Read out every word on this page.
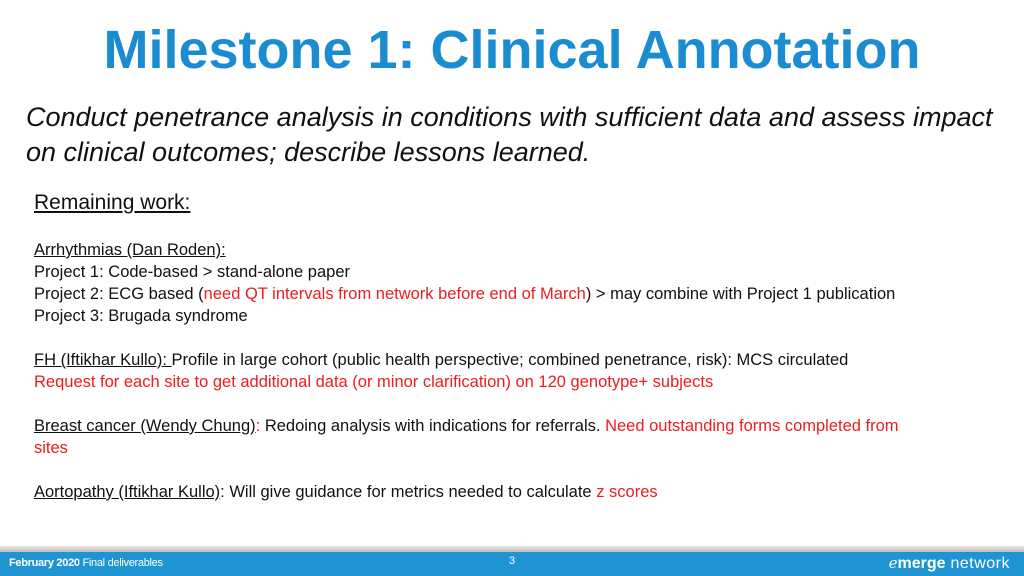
Milestone 1: Clinical Annotation
Conduct penetrance analysis in conditions with sufficient data and assess impact on clinical outcomes; describe lessons learned.
Remaining work:
Arrhythmias (Dan Roden):
Project 1: Code-based > stand-alone paper
Project 2: ECG based (need QT intervals from network before end of March) > may combine with Project 1 publication
Project 3: Brugada syndrome
FH (Iftikhar Kullo): Profile in large cohort (public health perspective; combined penetrance, risk): MCS circulated
Request for each site to get additional data (or minor clarification) on 120 genotype+ subjects
Breast cancer (Wendy Chung): Redoing analysis with indications for referrals. Need outstanding forms completed from
sites
Aortopathy (Iftikhar Kullo): Will give guidance for metrics needed to calculate z scores
February 2020 Final deliverables	3	emerge network
